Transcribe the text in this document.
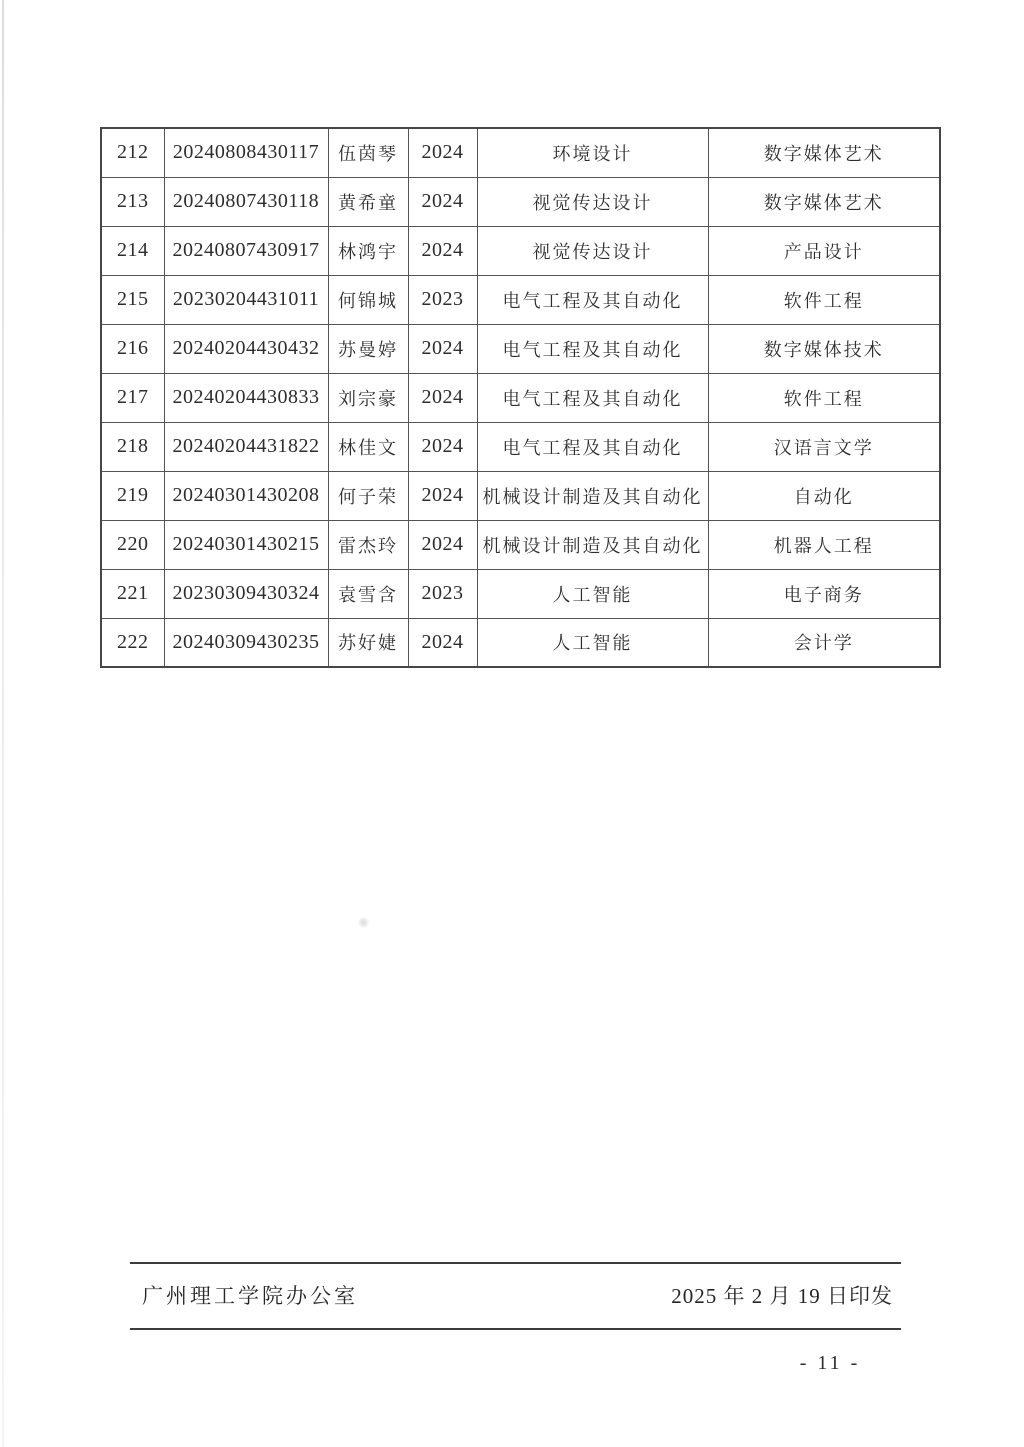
212	20240808430117	伍茵琴	2024	环境设计	数字媒体艺术
213	20240807430118	黄希童	2024	视觉传达设计	数字媒体艺术
214	20240807430917	林鸿宇	2024	视觉传达设计	产品设计
215	20230204431011	何锦城	2023	电气工程及其自动化	软件工程
216	20240204430432	苏曼婷	2024	电气工程及其自动化	数字媒体技术
217	20240204430833	刘宗豪	2024	电气工程及其自动化	软件工程
218	20240204431822	林佳文	2024	电气工程及其自动化	汉语言文学
219	20240301430208	何子荣	2024	机械设计制造及其自动化	自动化
220	20240301430215	雷杰玲	2024	机械设计制造及其自动化	机器人工程
221	20230309430324	袁雪含	2023	人工智能	电子商务
222	20240309430235	苏好婕	2024	人工智能	会计学
广州理工学院办公室	2025 年 2 月 19 日印发
- 11 -
